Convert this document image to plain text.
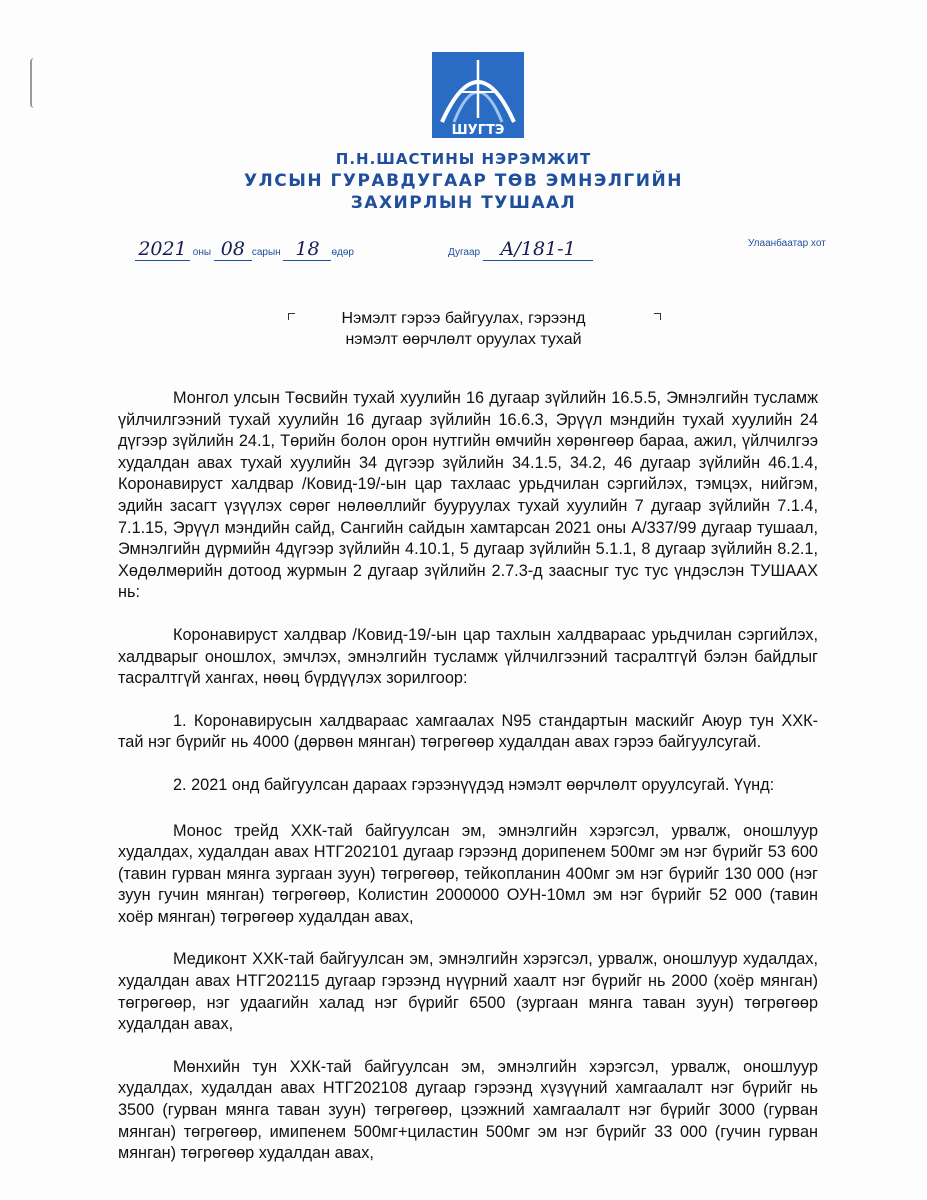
ШУГТЭ
П.Н.ШАСТИНЫ НЭРЭМЖИТ
УЛСЫН ГУРАВДУГААР ТӨВ ЭМНЭЛГИЙН
ЗАХИРЛЫН ТУШААЛ
2021 оны 08 сарын 18 өдөр	Дугаар А/181-1	Улаанбаатар хот
Нэмэлт гэрээ байгуулах, гэрээнд
нэмэлт өөрчлөлт оруулах тухай

Монгол улсын Төсвийн тухай хуулийн 16 дугаар зүйлийн 16.5.5, Эмнэлгийн тусламж үйлчилгээний тухай хуулийн 16 дугаар зүйлийн 16.6.3, Эрүүл мэндийн тухай хуулийн 24 дүгээр зүйлийн 24.1, Төрийн болон орон нутгийн өмчийн хөрөнгөөр бараа, ажил, үйлчилгээ худалдан авах тухай хуулийн 34 дүгээр зүйлийн 34.1.5, 34.2, 46 дугаар зүйлийн 46.1.4, Коронавируст халдвар /Ковид-19/-ын цар тахлаас урьдчилан сэргийлэх, тэмцэх, нийгэм, эдийн засагт үзүүлэх сөрөг нөлөөллийг бууруулах тухай хуулийн 7 дугаар зүйлийн 7.1.4, 7.1.15, Эрүүл мэндийн сайд, Сангийн сайдын хамтарсан 2021 оны А/337/99 дугаар тушаал, Эмнэлгийн дүрмийн 4дүгээр зүйлийн 4.10.1, 5 дугаар зүйлийн 5.1.1, 8 дугаар зүйлийн 8.2.1, Хөдөлмөрийн дотоод журмын 2 дугаар зүйлийн 2.7.3-д заасныг тус тус үндэслэн ТУШААХ нь:

Коронавируст халдвар /Ковид-19/-ын цар тахлын халдвараас урьдчилан сэргийлэх, халдварыг оношлох, эмчлэх, эмнэлгийн тусламж үйлчилгээний тасралтгүй бэлэн байдлыг тасралтгүй хангах, нөөц бүрдүүлэх зорилгоор:

1. Коронавирусын халдвараас хамгаалах N95 стандартын маскийг Аюур тун ХХК-тай нэг бүрийг нь 4000 (дөрвөн мянган) төгрөгөөр худалдан авах гэрээ байгуулсугай.

2. 2021 онд байгуулсан дараах гэрээнүүдэд нэмэлт өөрчлөлт оруулсугай. Үүнд:

Монос трейд ХХК-тай байгуулсан эм, эмнэлгийн хэрэгсэл, урвалж, оношлуур худалдах, худалдан авах НТГ202101 дугаар гэрээнд дорипенем 500мг эм нэг бүрийг 53 600 (тавин гурван мянга зургаан зуун) төгрөгөөр, тейкопланин 400мг эм нэг бүрийг 130 000 (нэг зуун гучин мянган) төгрөгөөр, Колистин 2000000 ОУН-10мл эм нэг бүрийг 52 000 (тавин хоёр мянган) төгрөгөөр худалдан авах,

Медиконт ХХК-тай байгуулсан эм, эмнэлгийн хэрэгсэл, урвалж, оношлуур худалдах, худалдан авах НТГ202115 дугаар гэрээнд нүүрний хаалт нэг бүрийг нь 2000 (хоёр мянган) төгрөгөөр, нэг удаагийн халад нэг бүрийг 6500 (зургаан мянга таван зуун) төгрөгөөр худалдан авах,

Мөнхийн тун ХХК-тай байгуулсан эм, эмнэлгийн хэрэгсэл, урвалж, оношлуур худалдах, худалдан авах НТГ202108 дугаар гэрээнд хүзүүний хамгаалалт нэг бүрийг нь 3500 (гурван мянга таван зуун) төгрөгөөр, цээжний хамгаалалт нэг бүрийг 3000 (гурван мянган) төгрөгөөр, имипенем 500мг+циластин 500мг эм нэг бүрийг 33 000 (гучин гурван мянган) төгрөгөөр худалдан авах,
